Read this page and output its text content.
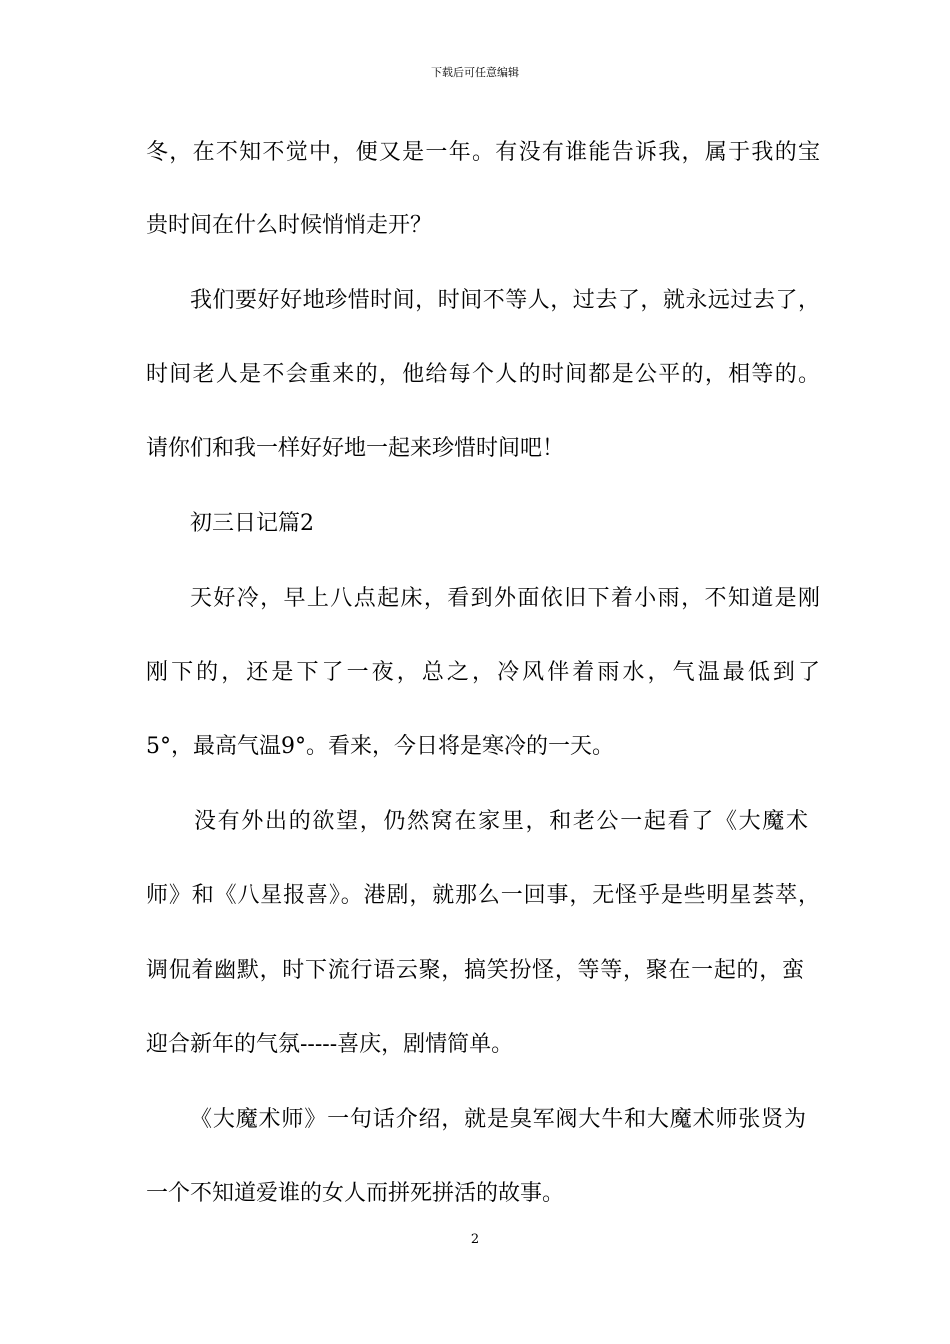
下载后可任意编辑
冬，在不知不觉中，便又是一年。有没有谁能告诉我，属于我的宝
贵时间在什么时候悄悄走开？
我们要好好地珍惜时间，时间不等人，过去了，就永远过去了，
时间老人是不会重来的，他给每个人的时间都是公平的，相等的。
请你们和我一样好好地一起来珍惜时间吧！
初三日记篇2
天好冷，早上八点起床，看到外面依旧下着小雨，不知道是刚
刚下的，还是下了一夜，总之，冷风伴着雨水，气温最低到了
5°，最高气温9°。看来，今日将是寒冷的一天。
没有外出的欲望，仍然窝在家里，和老公一起看了《大魔术
师》和《八星报喜》。港剧，就那么一回事，无怪乎是些明星荟萃，
调侃着幽默，时下流行语云聚，搞笑扮怪，等等，聚在一起的，蛮
迎合新年的气氛-----喜庆，剧情简单。
《大魔术师》一句话介绍，就是臭军阀大牛和大魔术师张贤为
一个不知道爱谁的女人而拼死拼活的故事。
2
